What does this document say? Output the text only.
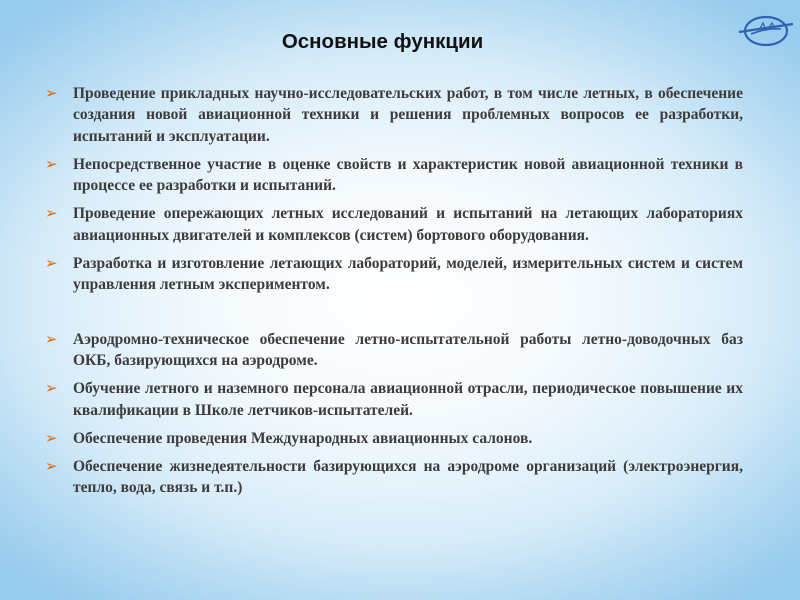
Основные функции
➢ Проведение прикладных научно-исследовательских работ, в том числе летных, в обеспечение создания новой авиационной техники и решения проблемных вопросов ее разработки, испытаний и эксплуатации.
➢ Непосредственное участие в оценке свойств и характеристик новой авиационной техники в процессе ее разработки и испытаний.
➢ Проведение опережающих летных исследований и испытаний на летающих лабораториях авиационных двигателей и комплексов (систем) бортового оборудования.
➢ Разработка и изготовление летающих лабораторий, моделей, измерительных систем и систем управления летным экспериментом.
➢ Аэродромно-техническое обеспечение летно-испытательной работы летно-доводочных баз ОКБ, базирующихся на аэродроме.
➢ Обучение летного и наземного персонала авиационной отрасли, периодическое повышение их квалификации в Школе летчиков-испытателей.
➢ Обеспечение проведения Международных авиационных салонов.
➢ Обеспечение жизнедеятельности базирующихся на аэродроме организаций (электроэнергия, тепло, вода, связь и т.п.)
